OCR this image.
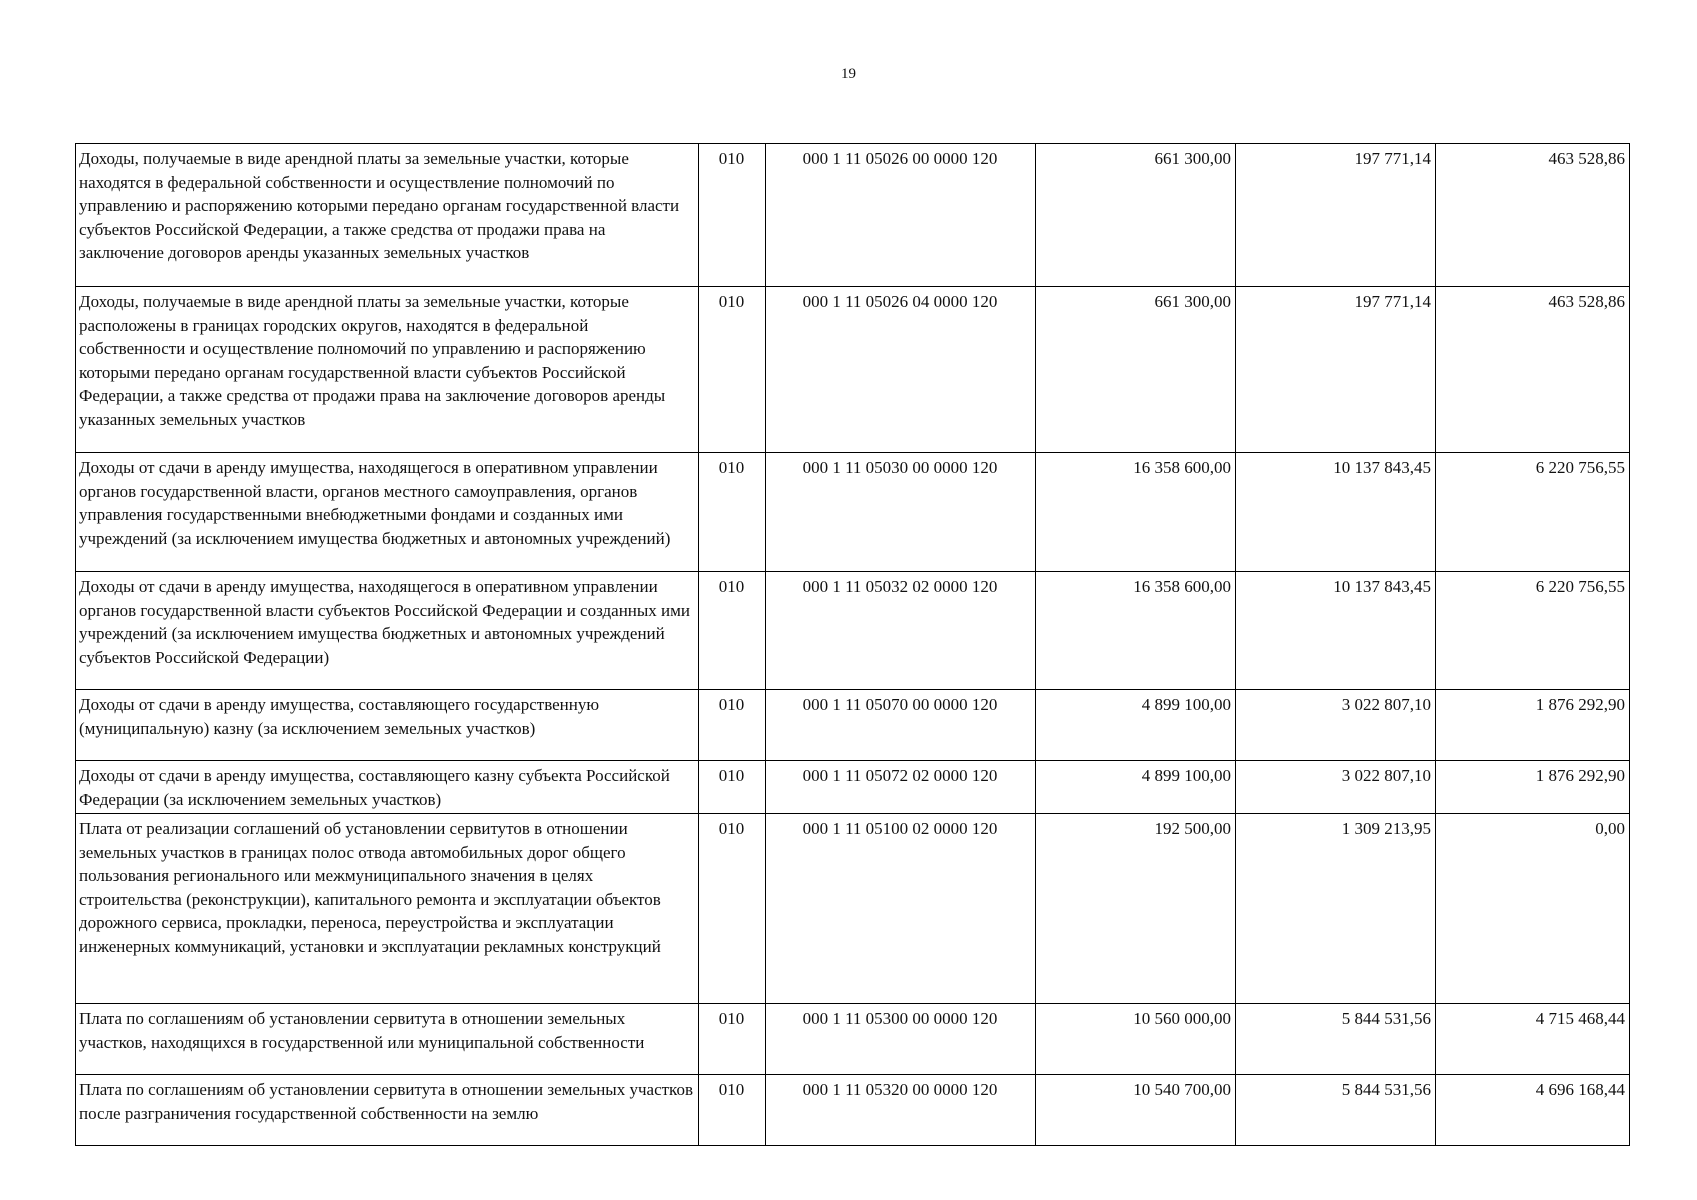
19
Доходы, получаемые в виде арендной платы за земельные участки, которые находятся в федеральной собственности и осуществление полномочий по управлению и распоряжению которыми передано органам государственной власти субъектов Российской Федерации, а также средства от продажи права на заключение договоров аренды указанных земельных участков	010	000 1 11 05026 00 0000 120	661 300,00	197 771,14	463 528,86
Доходы, получаемые в виде арендной платы за земельные участки, которые расположены в границах городских округов, находятся в федеральной собственности и осуществление полномочий по управлению и распоряжению которыми передано органам государственной власти субъектов Российской Федерации, а также средства от продажи права на заключение договоров аренды указанных земельных участков	010	000 1 11 05026 04 0000 120	661 300,00	197 771,14	463 528,86
Доходы от сдачи в аренду имущества, находящегося в оперативном управлении органов государственной власти, органов местного самоуправления, органов управления государственными внебюджетными фондами и созданных ими учреждений (за исключением имущества бюджетных и автономных учреждений)	010	000 1 11 05030 00 0000 120	16 358 600,00	10 137 843,45	6 220 756,55
Доходы от сдачи в аренду имущества, находящегося в оперативном управлении органов государственной власти субъектов Российской Федерации и созданных ими учреждений (за исключением имущества бюджетных и автономных учреждений субъектов Российской Федерации)	010	000 1 11 05032 02 0000 120	16 358 600,00	10 137 843,45	6 220 756,55
Доходы от сдачи в аренду имущества, составляющего государственную (муниципальную) казну (за исключением земельных участков)	010	000 1 11 05070 00 0000 120	4 899 100,00	3 022 807,10	1 876 292,90
Доходы от сдачи в аренду имущества, составляющего казну субъекта Российской Федерации (за исключением земельных участков)	010	000 1 11 05072 02 0000 120	4 899 100,00	3 022 807,10	1 876 292,90
Плата от реализации соглашений об установлении сервитутов в отношении земельных участков в границах полос отвода автомобильных дорог общего пользования регионального или межмуниципального значения в целях строительства (реконструкции), капитального ремонта и эксплуатации объектов дорожного сервиса, прокладки, переноса, переустройства и эксплуатации инженерных коммуникаций, установки и эксплуатации рекламных конструкций	010	000 1 11 05100 02 0000 120	192 500,00	1 309 213,95	0,00
Плата по соглашениям об установлении сервитута в отношении земельных участков, находящихся в государственной или муниципальной собственности	010	000 1 11 05300 00 0000 120	10 560 000,00	5 844 531,56	4 715 468,44
Плата по соглашениям об установлении сервитута в отношении земельных участков после разграничения государственной собственности на землю	010	000 1 11 05320 00 0000 120	10 540 700,00	5 844 531,56	4 696 168,44
